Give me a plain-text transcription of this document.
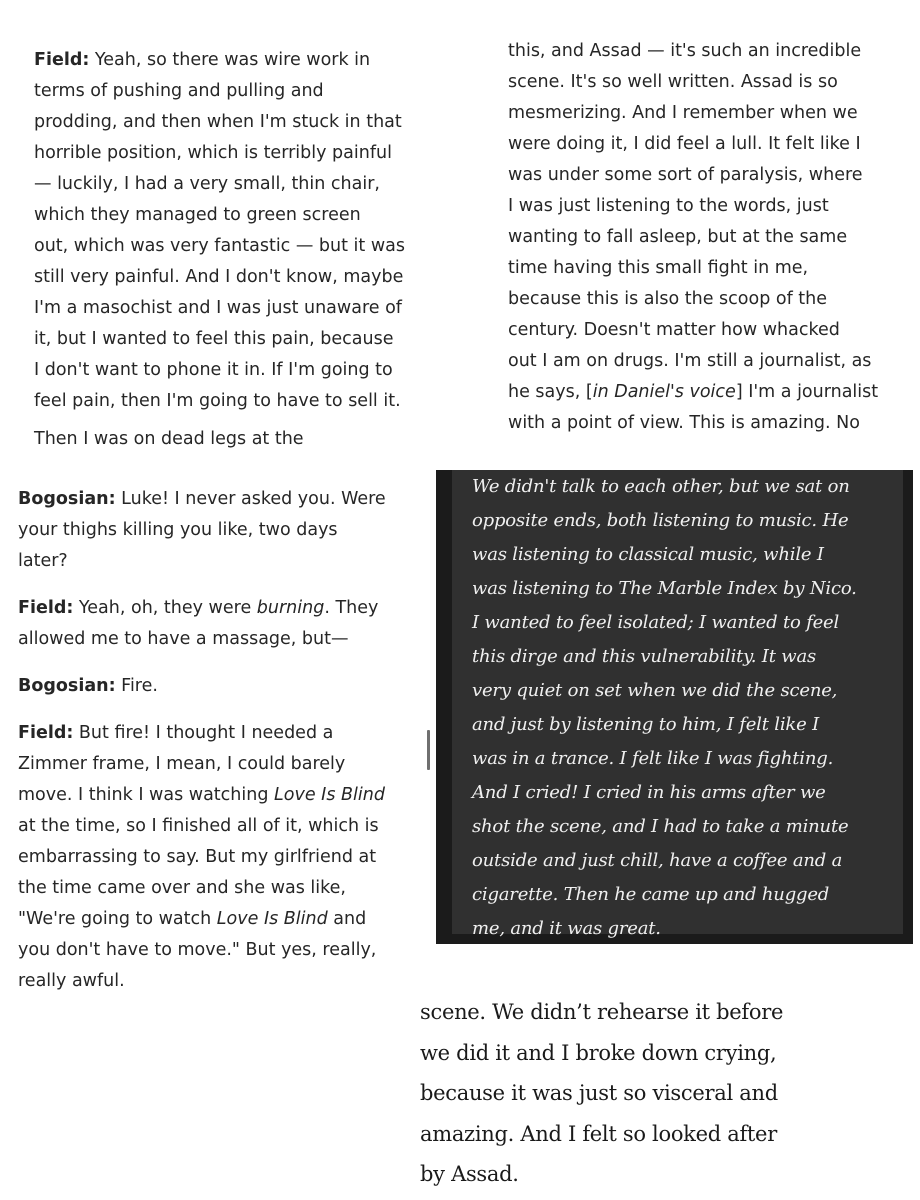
Field: Yeah, so there was wire work in
terms of pushing and pulling and
prodding, and then when I'm stuck in that
horrible position, which is terribly painful
— luckily, I had a very small, thin chair,
which they managed to green screen
out, which was very fantastic — but it was
still very painful. And I don't know, maybe
I'm a masochist and I was just unaware of
it, but I wanted to feel this pain, because
I don't want to phone it in. If I'm going to
feel pain, then I'm going to have to sell it.
Then I was on dead legs at the
this, and Assad — it's such an incredible
scene. It's so well written. Assad is so
mesmerizing. And I remember when we
were doing it, I did feel a lull. It felt like I
was under some sort of paralysis, where
I was just listening to the words, just
wanting to fall asleep, but at the same
time having this small fight in me,
because this is also the scoop of the
century. Doesn't matter how whacked
out I am on drugs. I'm still a journalist, as
he says, [in Daniel's voice] I'm a journalist
with a point of view. This is amazing. No
Bogosian: Luke! I never asked you. Were
your thighs killing you like, two days
later?
Field: Yeah, oh, they were burning. They
allowed me to have a massage, but—
Bogosian: Fire.
Field: But fire! I thought I needed a
Zimmer frame, I mean, I could barely
move. I think I was watching Love Is Blind
at the time, so I finished all of it, which is
embarrassing to say. But my girlfriend at
the time came over and she was like,
"We're going to watch Love Is Blind and
you don't have to move." But yes, really,
really awful.
We didn't talk to each other, but we sat on
opposite ends, both listening to music. He
was listening to classical music, while I
was listening to The Marble Index by Nico.
I wanted to feel isolated; I wanted to feel
this dirge and this vulnerability. It was
very quiet on set when we did the scene,
and just by listening to him, I felt like I
was in a trance. I felt like I was fighting.
And I cried! I cried in his arms after we
shot the scene, and I had to take a minute
outside and just chill, have a coffee and a
cigarette. Then he came up and hugged
me, and it was great.
scene. We didn’t rehearse it before
we did it and I broke down crying,
because it was just so visceral and
amazing. And I felt so looked after
by Assad.
